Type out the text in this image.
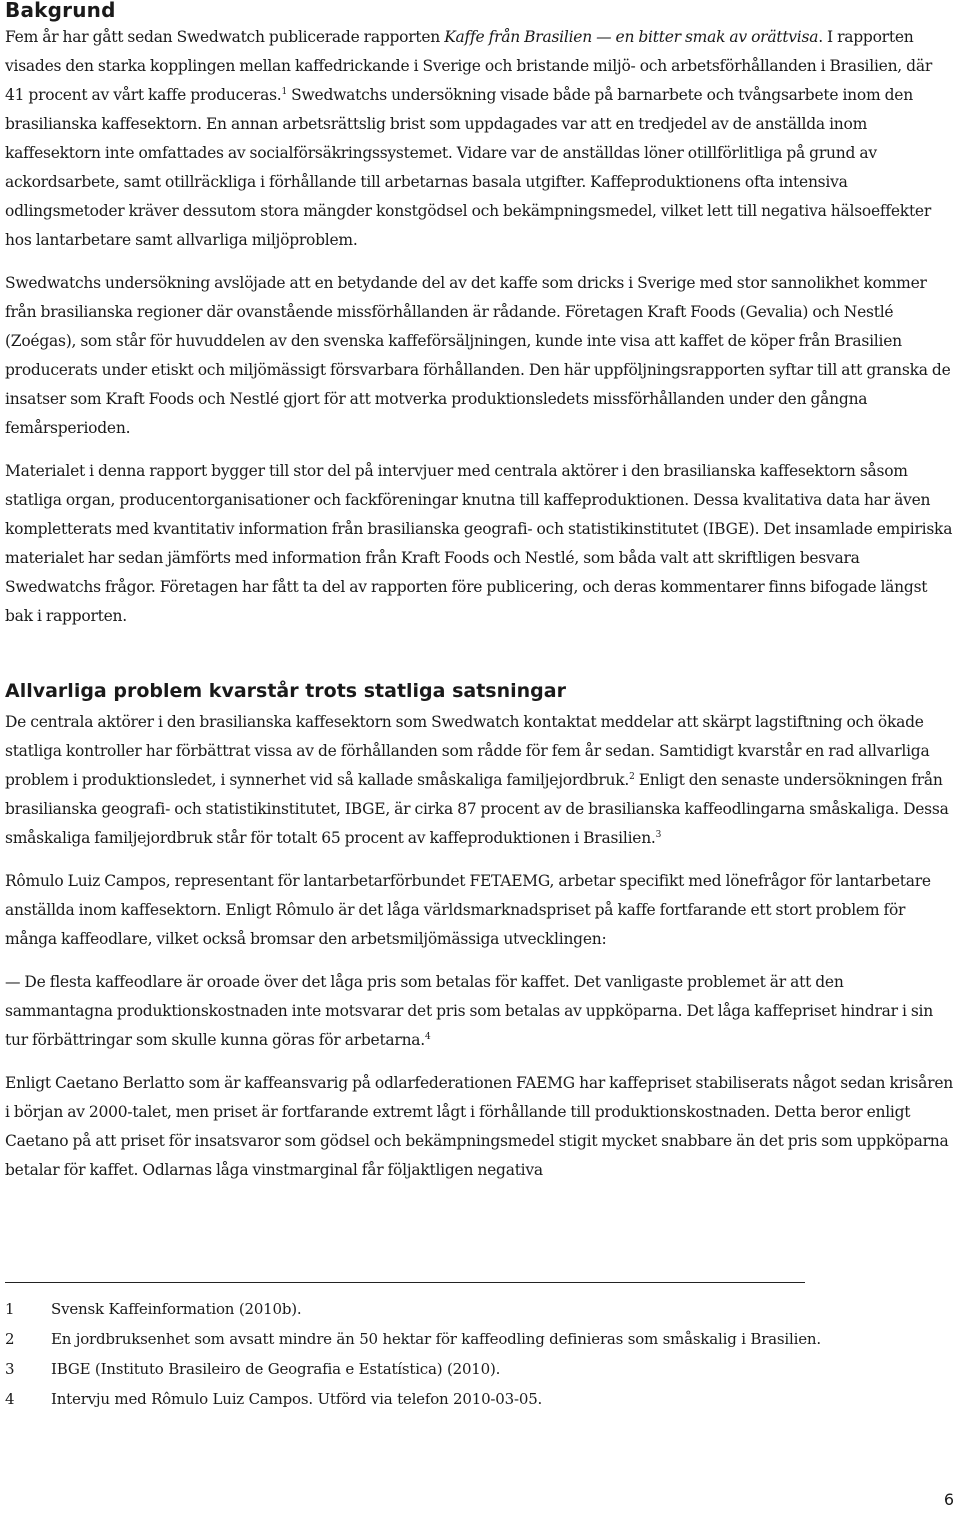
Bakgrund

Fem år har gått sedan Swedwatch publicerade rapporten Kaffe från Brasilien — en bitter smak av orättvisa. I rapporten visades den starka kopplingen mellan kaffedrickande i Sverige och bristande miljö- och arbetsförhållanden i Brasilien, där 41 procent av vårt kaffe produceras.$^1$ Swedwatchs undersökning visade både på barnarbete och tvångsarbete inom den brasilianska kaffesektorn. En annan arbetsrättslig brist som uppdagades var att en tredjedel av de anställda inom kaffesektorn inte omfattades av socialförsäkringssystemet. Vidare var de anställdas löner otillförlitliga på grund av ackordsarbete, samt otillräckliga i förhållande till arbetarnas basala utgifter. Kaffeproduktionens ofta intensiva odlingsmetoder kräver dessutom stora mängder konstgödsel och bekämpningsmedel, vilket lett till negativa hälsoeffekter hos lantarbetare samt allvarliga miljöproblem.

Swedwatchs undersökning avslöjade att en betydande del av det kaffe som dricks i Sverige med stor sannolikhet kommer från brasilianska regioner där ovanstående missförhållanden är rådande. Företagen Kraft Foods (Gevalia) och Nestlé (Zoégas), som står för huvuddelen av den svenska kaffeförsäljningen, kunde inte visa att kaffet de köper från Brasilien producerats under etiskt och miljömässigt försvarbara förhållanden. Den här uppföljningsrapporten syftar till att granska de insatser som Kraft Foods och Nestlé gjort för att motverka produktionsledets missförhållanden under den gångna femårsperioden.

Materialet i denna rapport bygger till stor del på intervjuer med centrala aktörer i den brasilianska kaffesektorn såsom statliga organ, producentorganisationer och fackföreningar knutna till kaffeproduktionen. Dessa kvalitativa data har även kompletterats med kvantitativ information från brasilianska geografi- och statistikinstitutet (IBGE). Det insamlade empiriska materialet har sedan jämförts med information från Kraft Foods och Nestlé, som båda valt att skriftligen besvara Swedwatchs frågor. Företagen har fått ta del av rapporten före publicering, och deras kommentarer finns bifogade längst bak i rapporten.

Allvarliga problem kvarstår trots statliga satsningar

De centrala aktörer i den brasilianska kaffesektorn som Swedwatch kontaktat meddelar att skärpt lagstiftning och ökade statliga kontroller har förbättrat vissa av de förhållanden som rådde för fem år sedan. Samtidigt kvarstår en rad allvarliga problem i produktionsledet, i synnerhet vid så kallade småskaliga familjejordbruk.$^2$ Enligt den senaste undersökningen från brasilianska geografi- och statistikinstitutet, IBGE, är cirka 87 procent av de brasilianska kaffeodlingarna småskaliga. Dessa småskaliga familjejordbruk står för totalt 65 procent av kaffeproduktionen i Brasilien.$^3$

Rômulo Luiz Campos, representant för lantarbetarförbundet FETAEMG, arbetar specifikt med lönefrågor för lantarbetare anställda inom kaffesektorn. Enligt Rômulo är det låga världsmarknadspriset på kaffe fortfarande ett stort problem för många kaffeodlare, vilket också bromsar den arbetsmiljömässiga utvecklingen:

— De flesta kaffeodlare är oroade över det låga pris som betalas för kaffet. Det vanligaste problemet är att den sammantagna produktionskostnaden inte motsvarar det pris som betalas av uppköparna. Det låga kaffepriset hindrar i sin tur förbättringar som skulle kunna göras för arbetarna.$^4$

Enligt Caetano Berlatto som är kaffeansvarig på odlarfederationen FAEMG har kaffepriset stabiliserats något sedan krisåren i början av 2000-talet, men priset är fortfarande extremt lågt i förhållande till produktionskostnaden. Detta beror enligt Caetano på att priset för insatsvaror som gödsel och bekämpningsmedel stigit mycket snabbare än det pris som uppköparna betalar för kaffet. Odlarnas låga vinstmarginal får följaktligen negativa

1	Svensk Kaffeinformation (2010b).
2	En jordbruksenhet som avsatt mindre än 50 hektar för kaffeodling definieras som småskalig i Brasilien.
3	IBGE (Instituto Brasileiro de Geografia e Estatística) (2010).
4	Intervju med Rômulo Luiz Campos. Utförd via telefon 2010-03-05.
6
